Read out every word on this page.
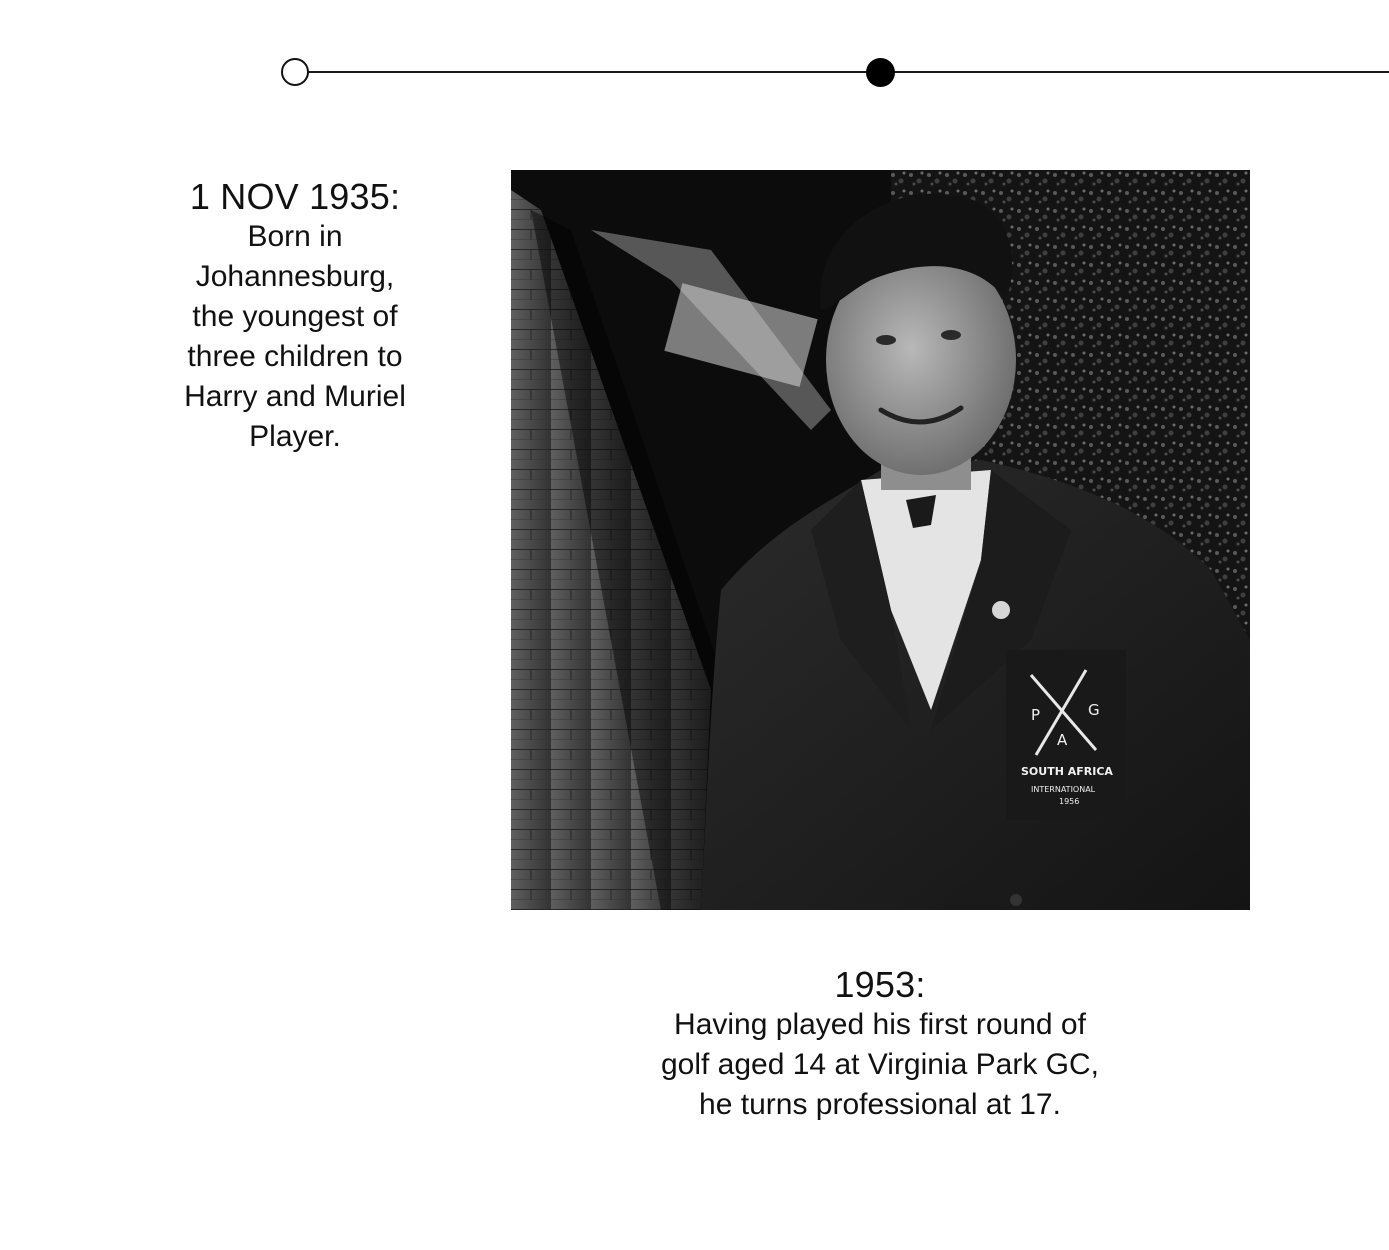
1 NOV 1935:

Born in

Johannesburg,

the youngest of

three children to

Harry and Muriel

Player.

P	G
A
SOUTH AFRICA
INTERNATIONAL
1956

1953:

Having played his first round of

golf aged 14 at Virginia Park GC,

he turns professional at 17.
